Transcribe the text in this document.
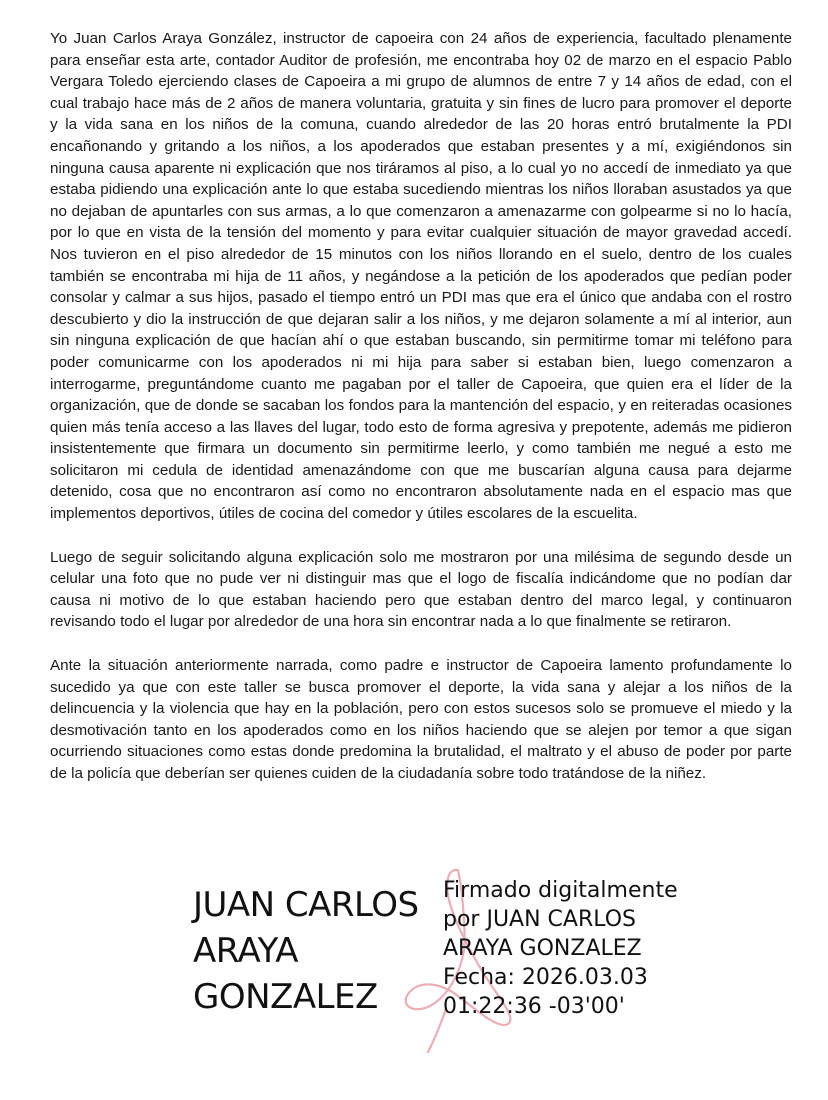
Yo Juan Carlos Araya González, instructor de capoeira con 24 años de experiencia, facultado plenamente para enseñar esta arte, contador Auditor de profesión, me encontraba hoy 02 de marzo en el espacio Pablo Vergara Toledo ejerciendo clases de Capoeira a mi grupo de alumnos de entre 7 y 14 años de edad, con el cual trabajo hace más de 2 años de manera voluntaria, gratuita y sin fines de lucro para promover el deporte y la vida sana en los niños de la comuna, cuando alrededor de las 20 horas entró brutalmente la PDI encañonando y gritando a los niños, a los apoderados que estaban presentes y a mí, exigiéndonos sin ninguna causa aparente ni explicación que nos tiráramos al piso, a lo cual yo no accedí de inmediato ya que estaba pidiendo una explicación ante lo que estaba sucediendo mientras los niños lloraban asustados ya que no dejaban de apuntarles con sus armas, a lo que comenzaron a amenazarme con golpearme si no lo hacía, por lo que en vista de la tensión del momento y para evitar cualquier situación de mayor gravedad accedí. Nos tuvieron en el piso alrededor de 15 minutos con los niños llorando en el suelo, dentro de los cuales también se encontraba mi hija de 11 años, y negándose a la petición de los apoderados que pedían poder consolar y calmar a sus hijos, pasado el tiempo entró un PDI mas que era el único que andaba con el rostro descubierto y dio la instrucción de que dejaran salir a los niños, y me dejaron solamente a mí al interior, aun sin ninguna explicación de que hacían ahí o que estaban buscando, sin permitirme tomar mi teléfono para poder comunicarme con los apoderados ni mi hija para saber si estaban bien, luego comenzaron a interrogarme, preguntándome cuanto me pagaban por el taller de Capoeira, que quien era el líder de la organización, que de donde se sacaban los fondos para la mantención del espacio, y en reiteradas ocasiones quien más tenía acceso a las llaves del lugar, todo esto de forma agresiva y prepotente, además me pidieron insistentemente que firmara un documento sin permitirme leerlo, y como también me negué a esto me solicitaron mi cedula de identidad amenazándome con que me buscarían alguna causa para dejarme detenido, cosa que no encontraron así como no encontraron absolutamente nada en el espacio mas que implementos deportivos, útiles de cocina del comedor y útiles escolares de la escuelita.

Luego de seguir solicitando alguna explicación solo me mostraron por una milésima de segundo desde un celular una foto que no pude ver ni distinguir mas que el logo de fiscalía indicándome que no podían dar causa ni motivo de lo que estaban haciendo pero que estaban dentro del marco legal, y continuaron revisando todo el lugar por alrededor de una hora sin encontrar nada a lo que finalmente se retiraron.

Ante la situación anteriormente narrada, como padre e instructor de Capoeira lamento profundamente lo sucedido ya que con este taller se busca promover el deporte, la vida sana y alejar a los niños de la delincuencia y la violencia que hay en la población, pero con estos sucesos solo se promueve el miedo y la desmotivación tanto en los apoderados como en los niños haciendo que se alejen por temor a que sigan ocurriendo situaciones como estas donde predomina la brutalidad, el maltrato y el abuso de poder por parte de la policía que deberían ser quienes cuiden de la ciudadanía sobre todo tratándose de la niñez.

JUAN CARLOS
ARAYA
GONZALEZ
Firmado digitalmente
por JUAN CARLOS
ARAYA GONZALEZ
Fecha: 2026.03.03
01:22:36 -03'00'
